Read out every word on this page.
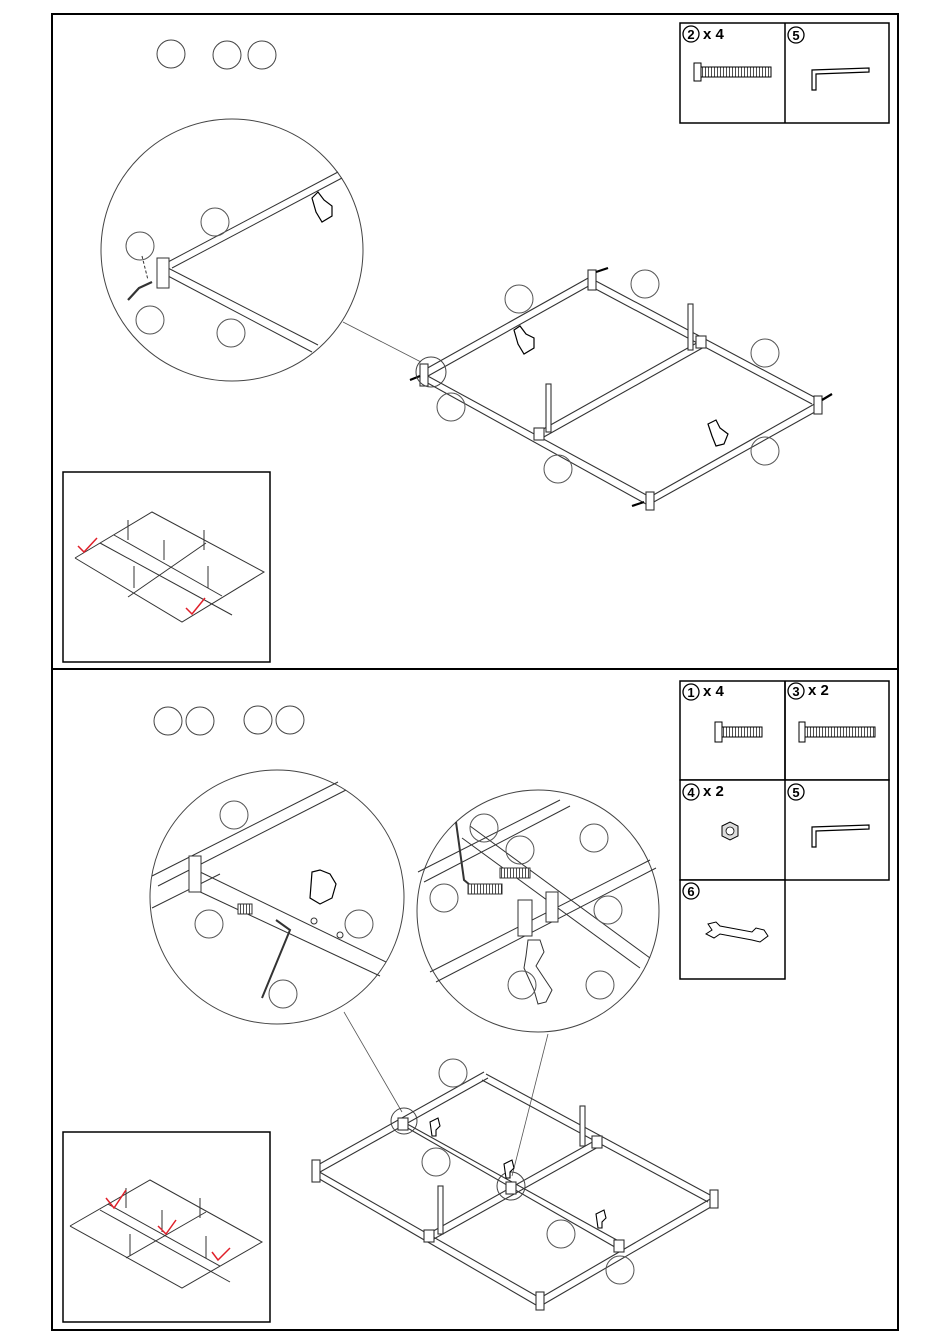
2 x 4	5
1 x 4	3 x 2
4 x 2	5
6
